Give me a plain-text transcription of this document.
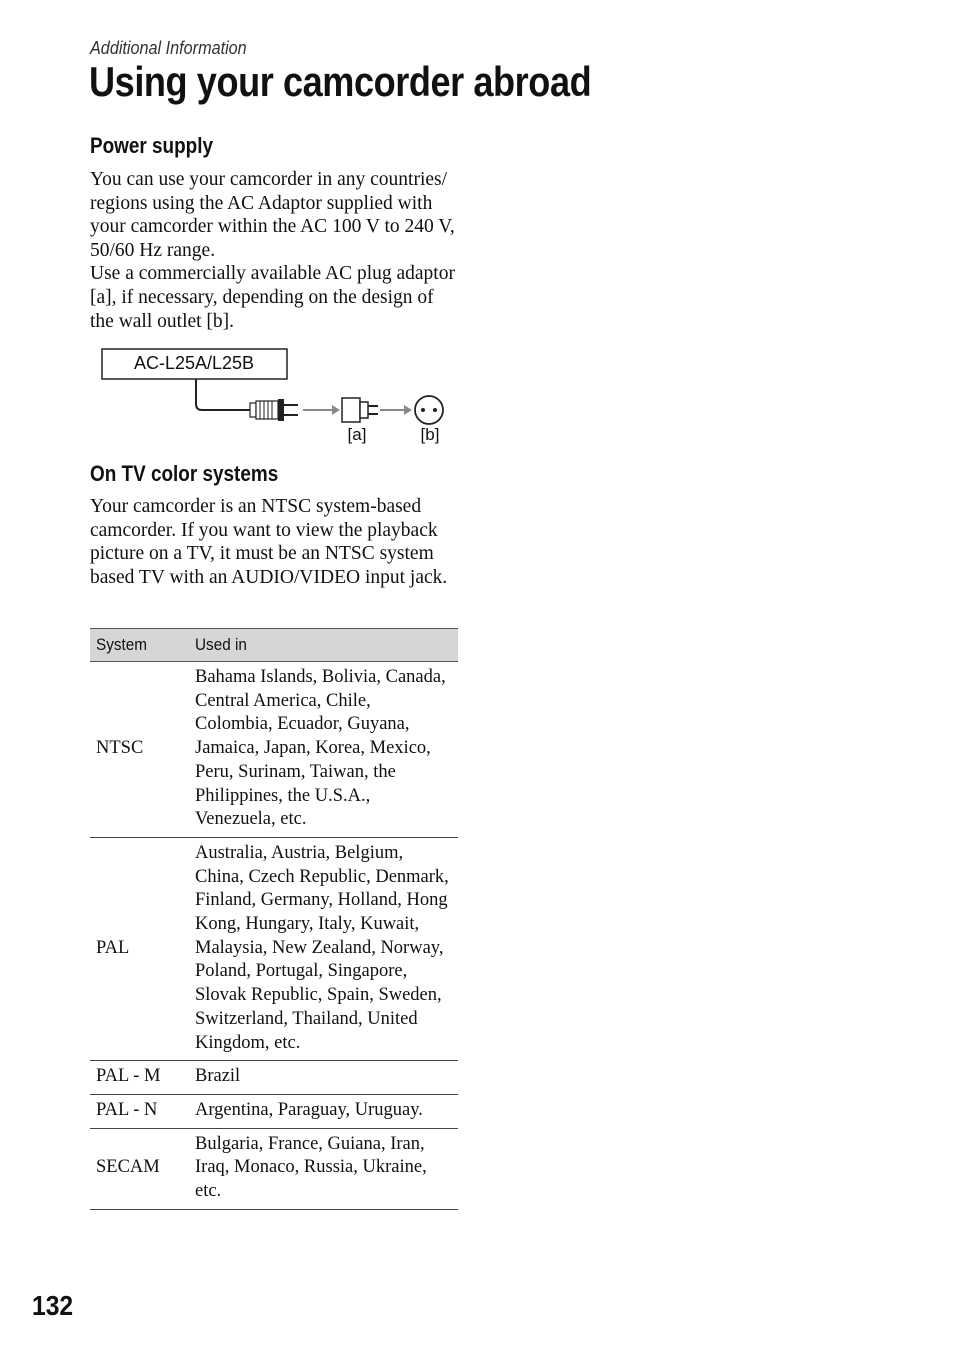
Additional Information
Using your camcorder abroad
Power supply

You can use your camcorder in any countries/ regions using the AC Adaptor supplied with your camcorder within the AC 100 V to 240 V, 50/60 Hz range.

Use a commercially available AC plug adaptor [a], if necessary, depending on the design of the wall outlet [b].

AC-L25A/L25B
[a]	[b]
On TV color systems

Your camcorder is an NTSC system-based camcorder. If you want to view the playback picture on a TV, it must be an NTSC system based TV with an AUDIO/VIDEO input jack.

System	Used in
NTSC	Bahama Islands, Bolivia, Canada, Central America, Chile, Colombia, Ecuador, Guyana, Jamaica, Japan, Korea, Mexico, Peru, Surinam, Taiwan, the Philippines, the U.S.A., Venezuela, etc.
PAL	Australia, Austria, Belgium, China, Czech Republic, Denmark, Finland, Germany, Holland, Hong Kong, Hungary, Italy, Kuwait, Malaysia, New Zealand, Norway, Poland, Portugal, Singapore, Slovak Republic, Spain, Sweden, Switzerland, Thailand, United Kingdom, etc.
PAL - M	Brazil
PAL - N	Argentina, Paraguay, Uruguay.
SECAM	Bulgaria, France, Guiana, Iran, Iraq, Monaco, Russia, Ukraine, etc.
132
